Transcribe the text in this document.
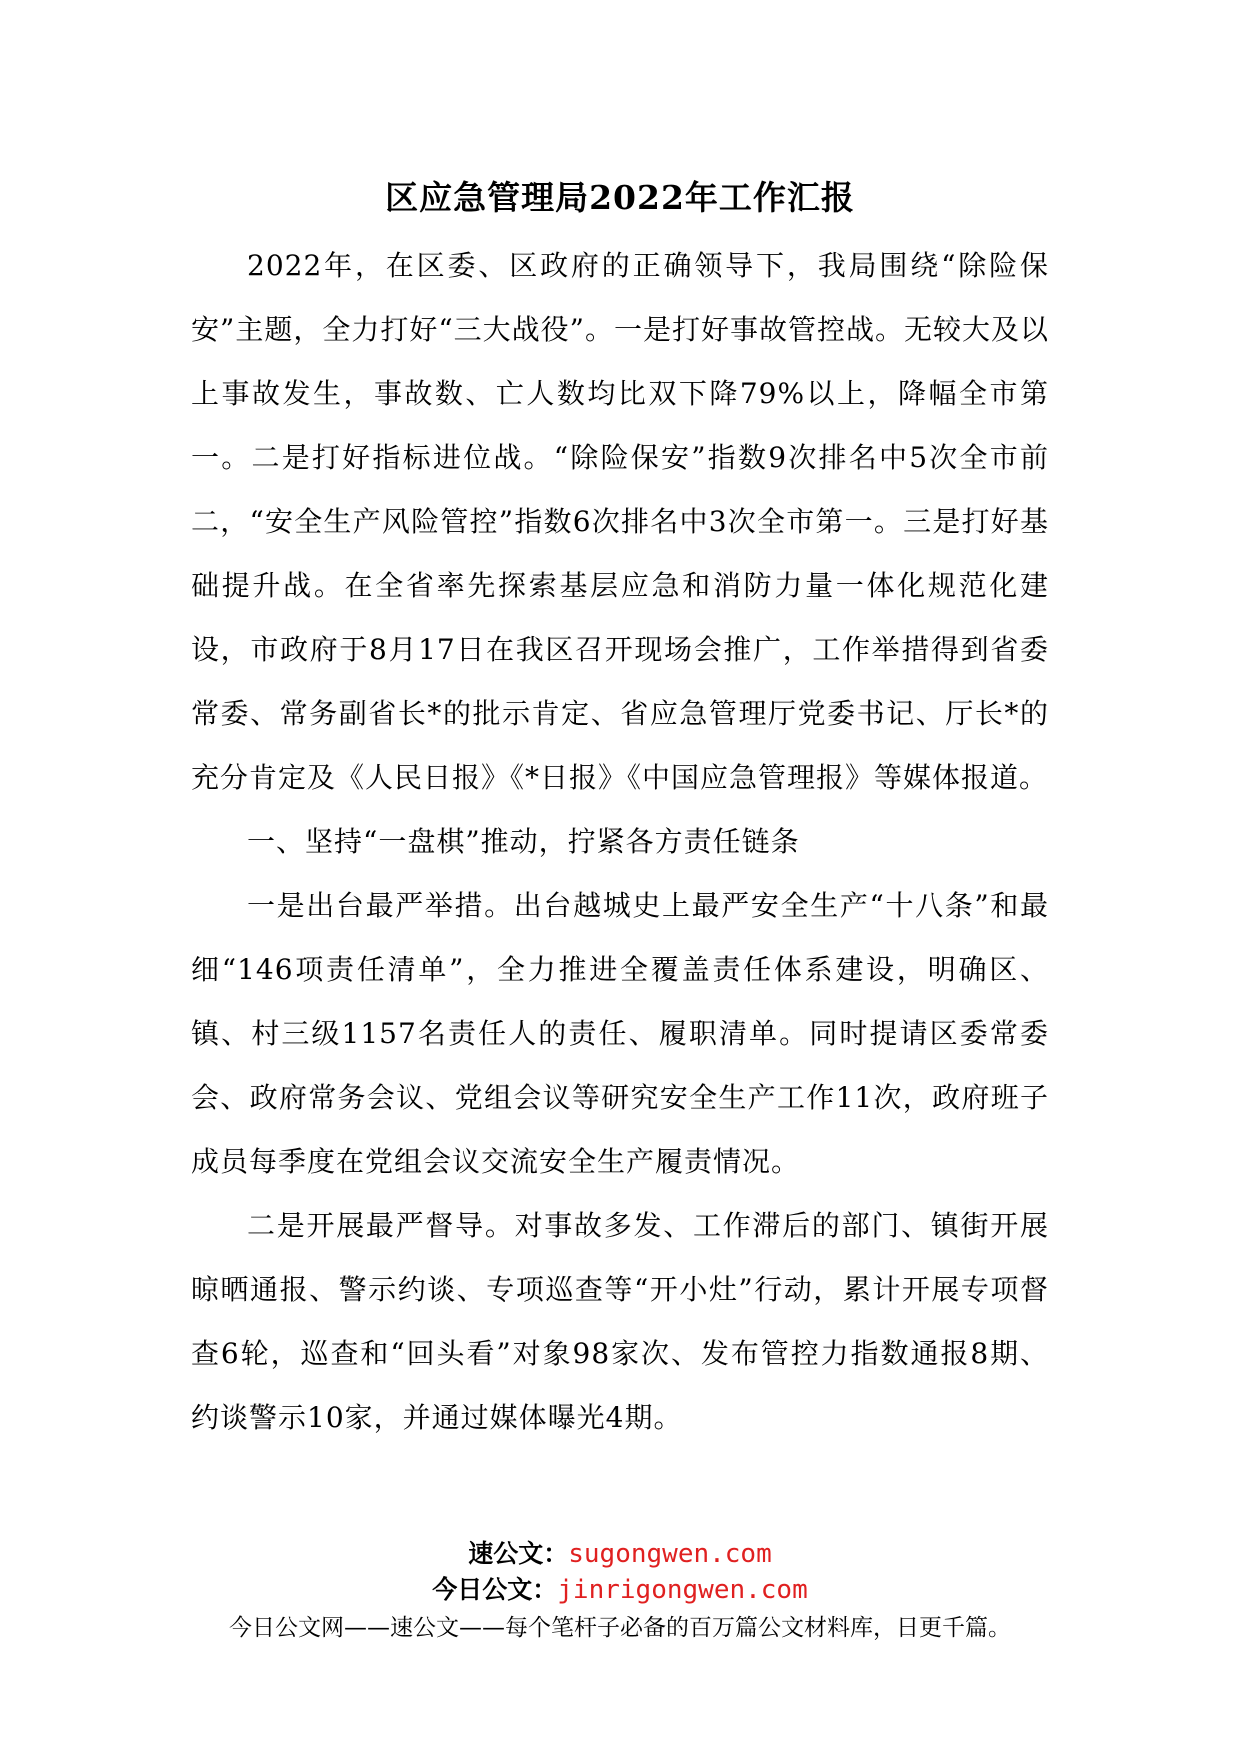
区应急管理局2022年工作汇报

2022年，在区委、区政府的正确领导下，我局围绕“除险保安”主题，全力打好“三大战役”。一是打好事故管控战。无较大及以上事故发生，事故数、亡人数均比双下降79%以上，降幅全市第一。二是打好指标进位战。“除险保安”指数9次排名中5次全市前二，“安全生产风险管控”指数6次排名中3次全市第一。三是打好基础提升战。在全省率先探索基层应急和消防力量一体化规范化建设，市政府于8月17日在我区召开现场会推广，工作举措得到省委常委、常务副省长*的批示肯定、省应急管理厅党委书记、厅长*的充分肯定及《人民日报》《*日报》《中国应急管理报》等媒体报道。

一、坚持“一盘棋”推动，拧紧各方责任链条

一是出台最严举措。出台越城史上最严安全生产“十八条”和最细“146项责任清单”，全力推进全覆盖责任体系建设，明确区、镇、村三级1157名责任人的责任、履职清单。同时提请区委常委会、政府常务会议、党组会议等研究安全生产工作11次，政府班子成员每季度在党组会议交流安全生产履责情况。

二是开展最严督导。对事故多发、工作滞后的部门、镇街开展晾晒通报、警示约谈、专项巡查等“开小灶”行动，累计开展专项督查6轮，巡查和“回头看”对象98家次、发布管控力指数通报8期、约谈警示10家，并通过媒体曝光4期。

速公文：sugongwen.com
今日公文：jinrigongwen.com
今日公文网——速公文——每个笔杆子必备的百万篇公文材料库，日更千篇。
